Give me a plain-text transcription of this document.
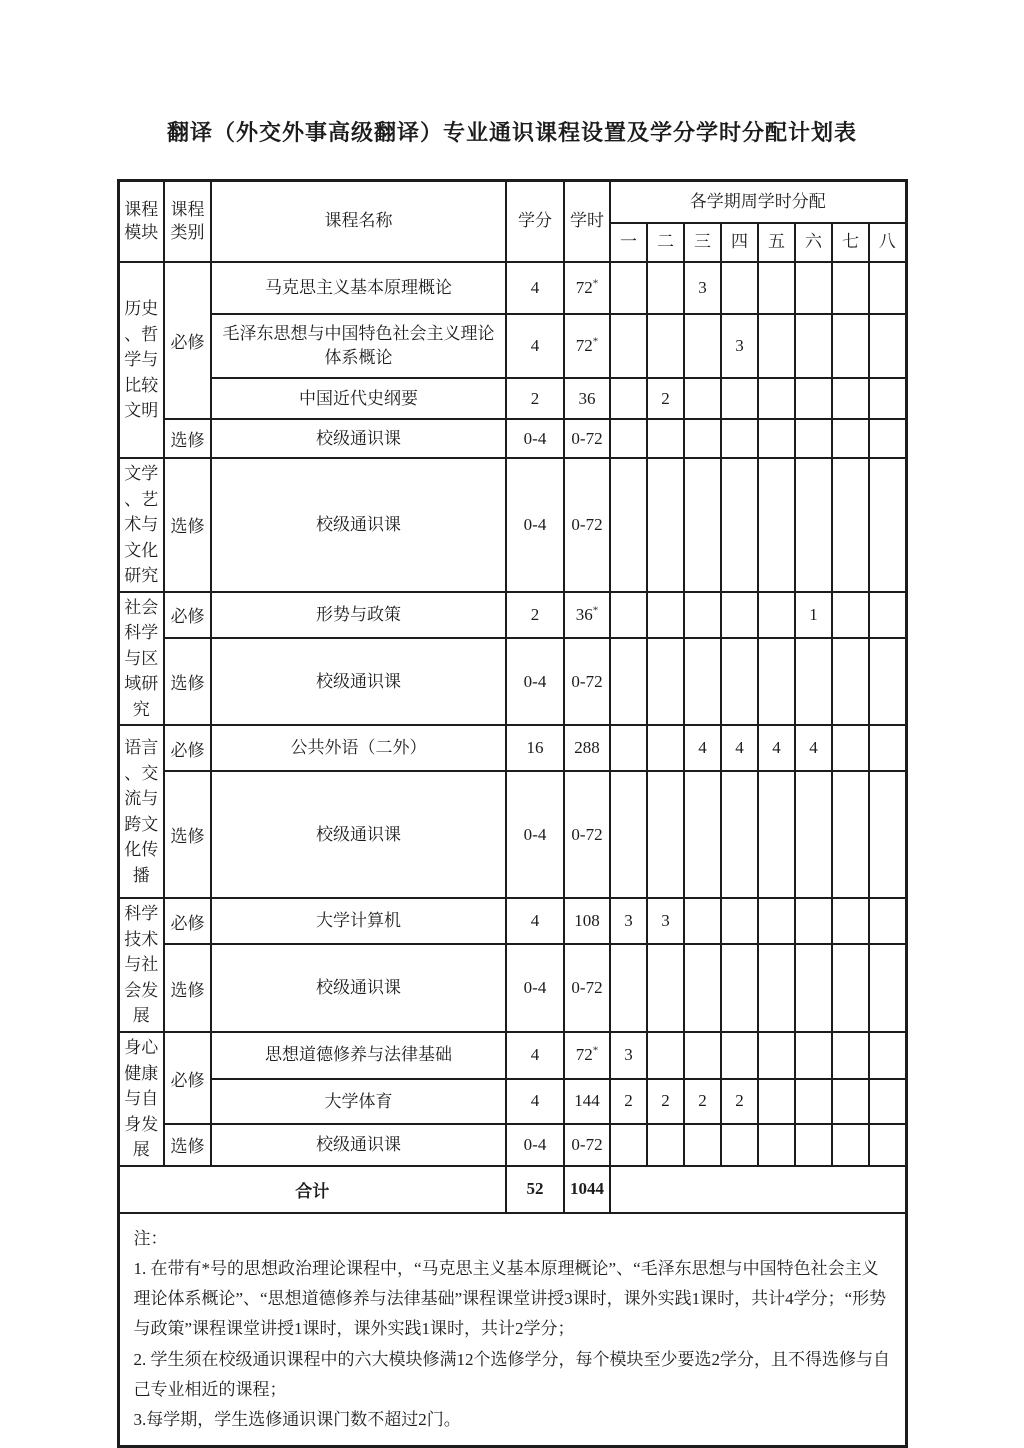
翻译（外交外事高级翻译）专业通识课程设置及学分学时分配计划表
课程模块	课程类别	课程名称	学分	学时	各学期周学时分配							
					一	二	三	四	五	六	七	八
历史、哲学与比较文明	必修	马克思主义基本原理概论	4	72*			3					
		毛泽东思想与中国特色社会主义理论体系概论	4	72*				3				
		中国近代史纲要	2	36		2						
	选修	校级通识课	0-4	0-72								
文学、艺术与文化研究	选修	校级通识课	0-4	0-72								
社会科学与区域研究	必修	形势与政策	2	36*						1		
	选修	校级通识课	0-4	0-72								
语言、交流与跨文化传播	必修	公共外语（二外）	16	288			4	4	4	4		
	选修	校级通识课	0-4	0-72								
科学技术与社会发展	必修	大学计算机	4	108	3	3						
	选修	校级通识课	0-4	0-72								
身心健康与自身发展	必修	思想道德修养与法律基础	4	72*	3							
		大学体育	4	144	2	2	2	2				
	选修	校级通识课	0-4	0-72								
合计			52	1044								

注：
1. 在带有*号的思想政治理论课程中，“马克思主义基本原理概论”、“毛泽东思想与中国特色社会主义理论体系概论”、“思想道德修养与法律基础”课程课堂讲授3课时，课外实践1课时，共计4学分；“形势与政策”课程课堂讲授1课时，课外实践1课时，共计2学分；
2. 学生须在校级通识课程中的六大模块修满12个选修学分，每个模块至少要选2学分，且不得选修与自己专业相近的课程；
3.每学期，学生选修通识课门数不超过2门。												
